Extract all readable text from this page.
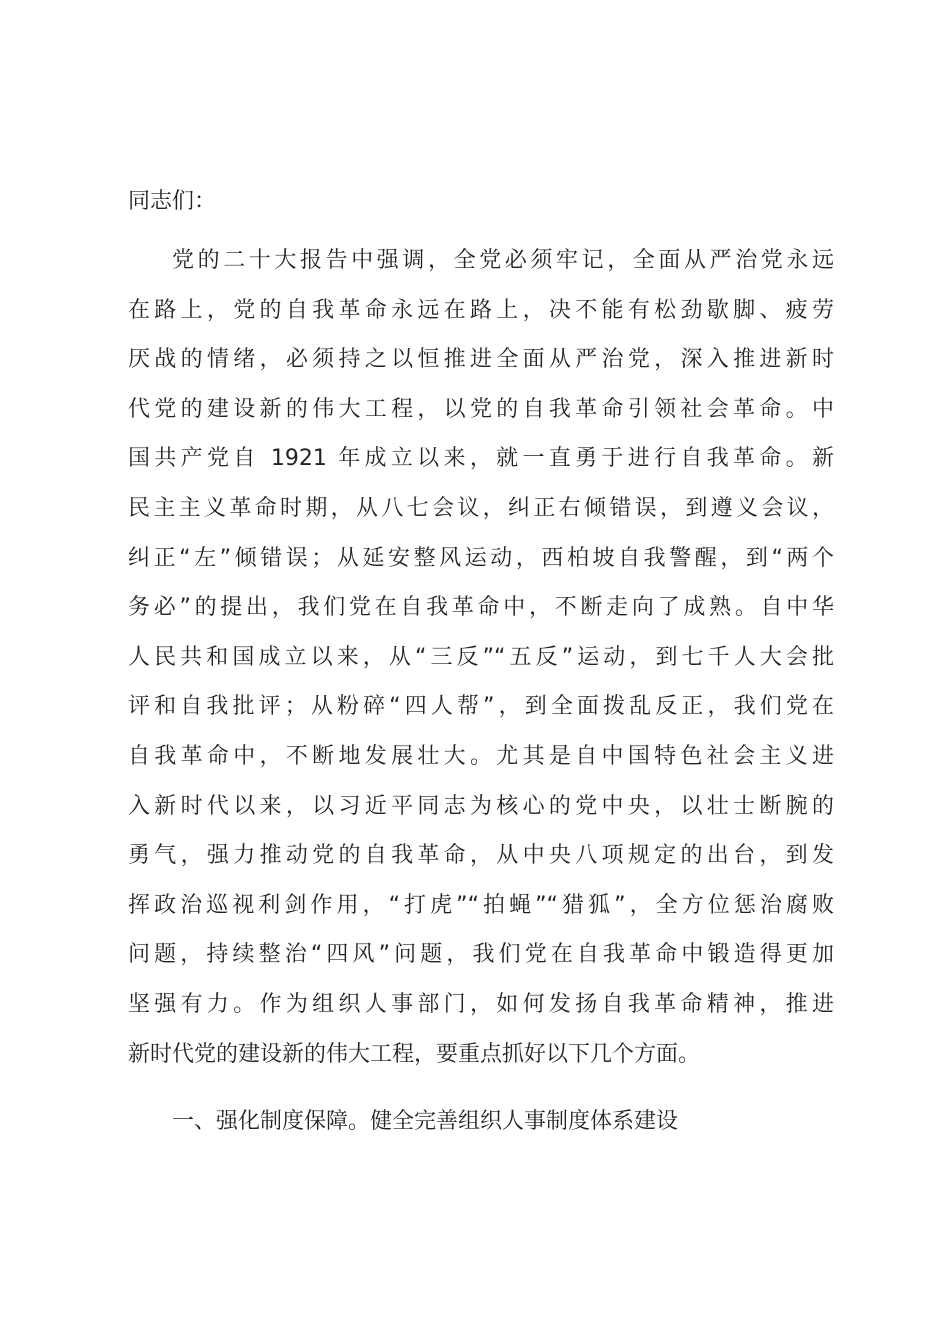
同志们：
党的二十大报告中强调，全党必须牢记，全面从严治党永远
在路上，党的自我革命永远在路上，决不能有松劲歇脚、疲劳
厌战的情绪，必须持之以恒推进全面从严治党，深入推进新时
代党的建设新的伟大工程，以党的自我革命引领社会革命。中
国共产党自 1921 年成立以来，就一直勇于进行自我革命。新
民主主义革命时期，从八七会议，纠正右倾错误，到遵义会议，
纠正“左”倾错误；从延安整风运动，西柏坡自我警醒，到“两个
务必”的提出，我们党在自我革命中，不断走向了成熟。自中华
人民共和国成立以来，从“三反”“五反”运动，到七千人大会批
评和自我批评；从粉碎“四人帮”，到全面拨乱反正，我们党在
自我革命中，不断地发展壮大。尤其是自中国特色社会主义进
入新时代以来，以习近平同志为核心的党中央，以壮士断腕的
勇气，强力推动党的自我革命，从中央八项规定的出台，到发
挥政治巡视利剑作用，“打虎”“拍蝇”“猎狐”，全方位惩治腐败
问题，持续整治“四风”问题，我们党在自我革命中锻造得更加
坚强有力。作为组织人事部门，如何发扬自我革命精神，推进
新时代党的建设新的伟大工程，要重点抓好以下几个方面。
一、强化制度保障。健全完善组织人事制度体系建设
